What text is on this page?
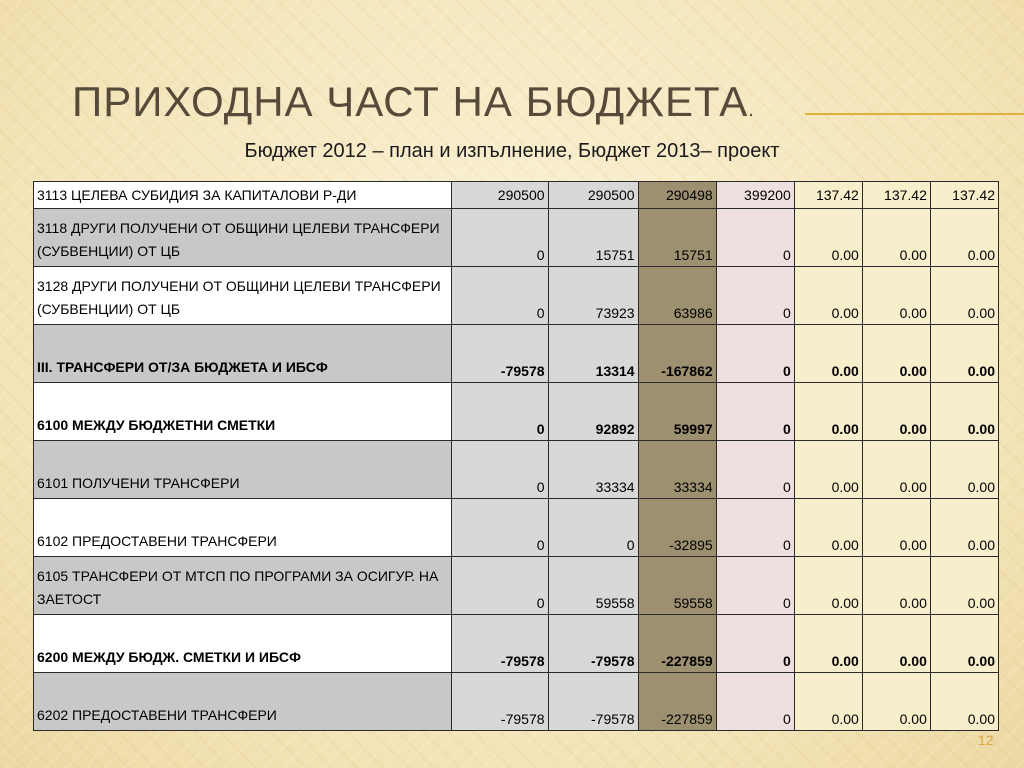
ПРИХОДНА ЧАСТ НА БЮДЖЕТА.
Бюджет 2012 – план и изпълнение, Бюджет 2013– проект
3113 ЦЕЛЕВА СУБИДИЯ ЗА КАПИТАЛОВИ Р-ДИ	290500	290500	290498	399200	137.42	137.42	137.42
3118 ДРУГИ ПОЛУЧЕНИ ОТ ОБЩИНИ ЦЕЛЕВИ ТРАНСФЕРИ (СУБВЕНЦИИ) ОТ ЦБ	0	15751	15751	0	0.00	0.00	0.00
3128 ДРУГИ ПОЛУЧЕНИ ОТ ОБЩИНИ ЦЕЛЕВИ ТРАНСФЕРИ (СУБВЕНЦИИ) ОТ ЦБ	0	73923	63986	0	0.00	0.00	0.00
III. ТРАНСФЕРИ ОТ/ЗА БЮДЖЕТА И ИБСФ	-79578	13314	-167862	0	0.00	0.00	0.00
6100 МЕЖДУ БЮДЖЕТНИ СМЕТКИ	0	92892	59997	0	0.00	0.00	0.00
6101 ПОЛУЧЕНИ ТРАНСФЕРИ	0	33334	33334	0	0.00	0.00	0.00
6102 ПРЕДОСТАВЕНИ ТРАНСФЕРИ	0	0	-32895	0	0.00	0.00	0.00
6105 ТРАНСФЕРИ ОТ МТСП ПО ПРОГРАМИ ЗА ОСИГУР. НА ЗАЕТОСТ	0	59558	59558	0	0.00	0.00	0.00
6200 МЕЖДУ БЮДЖ. СМЕТКИ И ИБСФ	-79578	-79578	-227859	0	0.00	0.00	0.00
6202 ПРЕДОСТАВЕНИ ТРАНСФЕРИ	-79578	-79578	-227859	0	0.00	0.00	0.00
12
